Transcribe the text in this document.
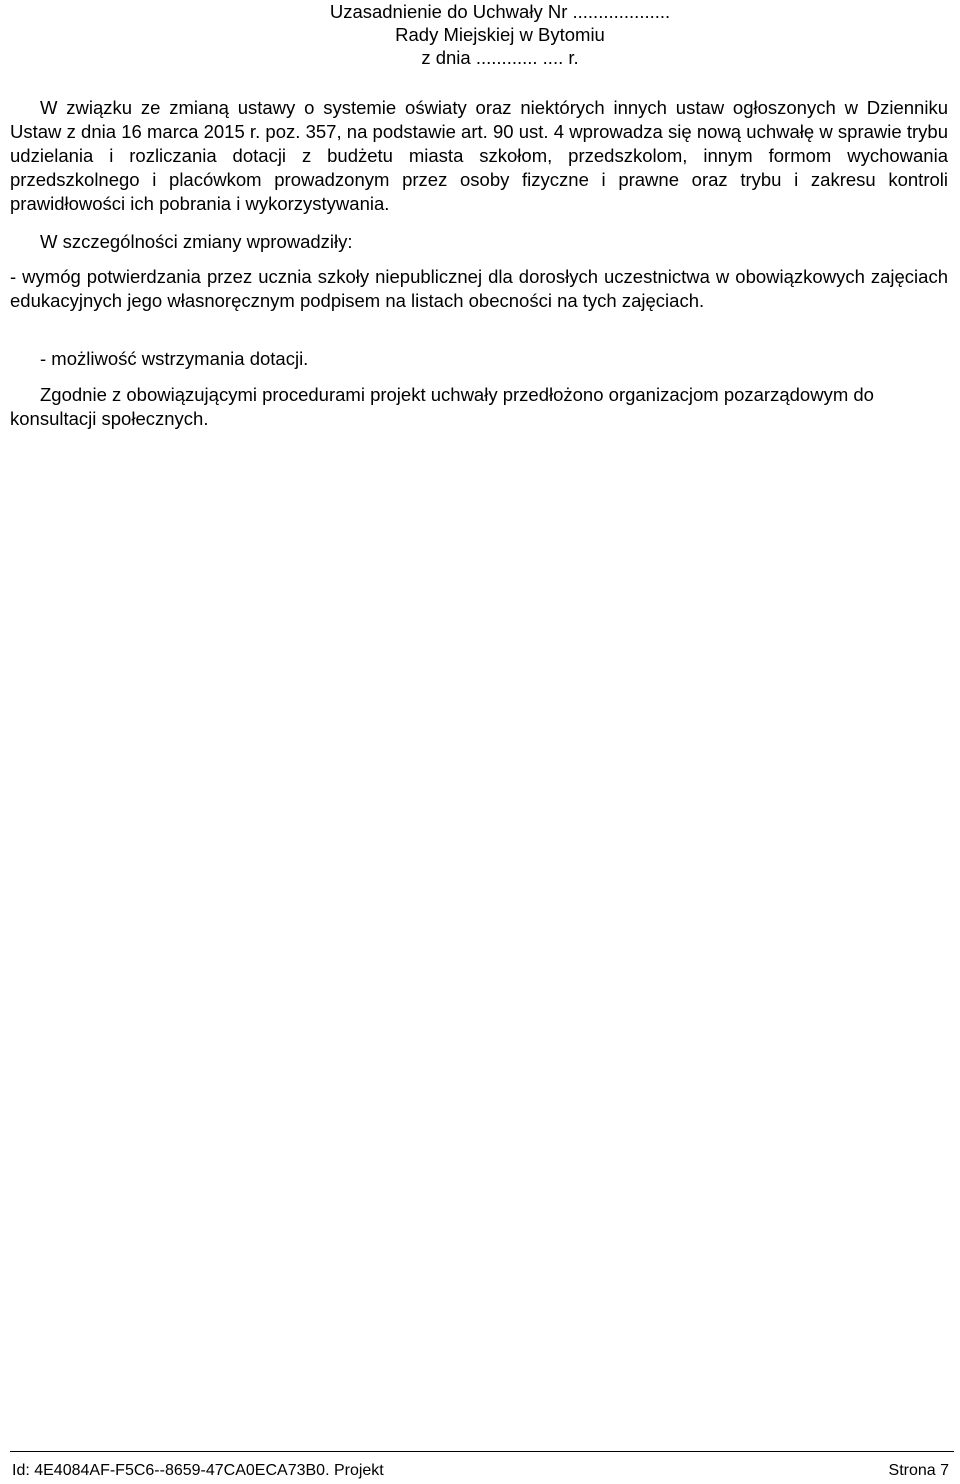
Uzasadnienie do Uchwały Nr ...................
Rady Miejskiej w Bytomiu
z dnia ............ .... r.
W związku ze zmianą ustawy o systemie oświaty oraz niektórych innych ustaw ogłoszonych w Dzienniku Ustaw z dnia 16 marca 2015 r. poz. 357, na podstawie art. 90 ust. 4 wprowadza się nową uchwałę w sprawie trybu udzielania i rozliczania dotacji z budżetu miasta szkołom, przedszkolom, innym formom wychowania przedszkolnego i placówkom prowadzonym przez osoby fizyczne i prawne oraz trybu i zakresu kontroli prawidłowości ich pobrania i wykorzystywania.
W szczególności zmiany wprowadziły:
- wymóg potwierdzania przez ucznia szkoły niepublicznej dla dorosłych uczestnictwa w obowiązkowych zajęciach edukacyjnych jego własnoręcznym podpisem na listach obecności na tych zajęciach.
- możliwość wstrzymania dotacji.
Zgodnie z obowiązującymi procedurami projekt uchwały przedłożono organizacjom pozarządowym do konsultacji społecznych.
Id: 4E4084AF-F5C6--8659-47CA0ECA73B0. Projekt	Strona 7
